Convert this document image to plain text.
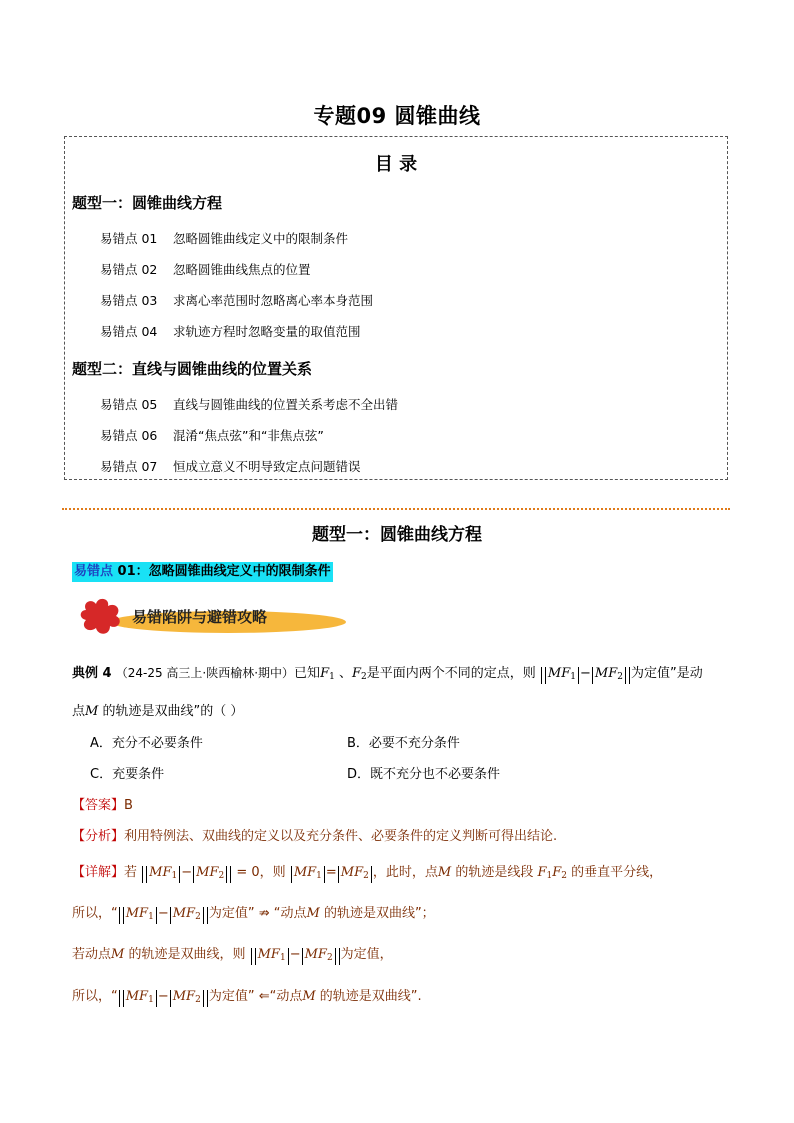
专题09 圆锥曲线
目 录
题型一：圆锥曲线方程
易错点 01 忽略圆锥曲线定义中的限制条件
易错点 02 忽略圆锥曲线焦点的位置
易错点 03 求离心率范围时忽略离心率本身范围
易错点 04 求轨迹方程时忽略变量的取值范围
题型二：直线与圆锥曲线的位置关系
易错点 05 直线与圆锥曲线的位置关系考虑不全出错
易错点 06 混淆“焦点弦”和“非焦点弦”
易错点 07 恒成立意义不明导致定点问题错误
题型一：圆锥曲线方程
易错点 01：忽略圆锥曲线定义中的限制条件
易错陷阱与避错攻略
典例 4 （24-25 高三上·陕西榆林·期中）已知$F_1$ 、$F_2$是平面内两个不同的定点，则 $MF_1 - MF_2$ 为定值”是动
点M 的轨迹是双曲线”的（ ）
A．充分不必要条件	B．必要不充分条件
C．充要条件	D．既不充分也不必要条件
【答案】B
【分析】利用特例法、双曲线的定义以及充分条件、必要条件的定义判断可得出结论.
【详解】若 $MF_1 - MF_2 = 0$，则 $MF_1 = MF_2$ ，此时，点M 的轨迹是线段 $F_1F_2$ 的垂直平分线，
所以，“ $MF_1 - MF_2$ 为定值” ⇏ “动点M 的轨迹是双曲线”；
若动点M 的轨迹是双曲线，则 $MF_1 - MF_2$ 为定值，
所以，“ $MF_1 - MF_2$ 为定值” ⇐“动点M 的轨迹是双曲线”.
